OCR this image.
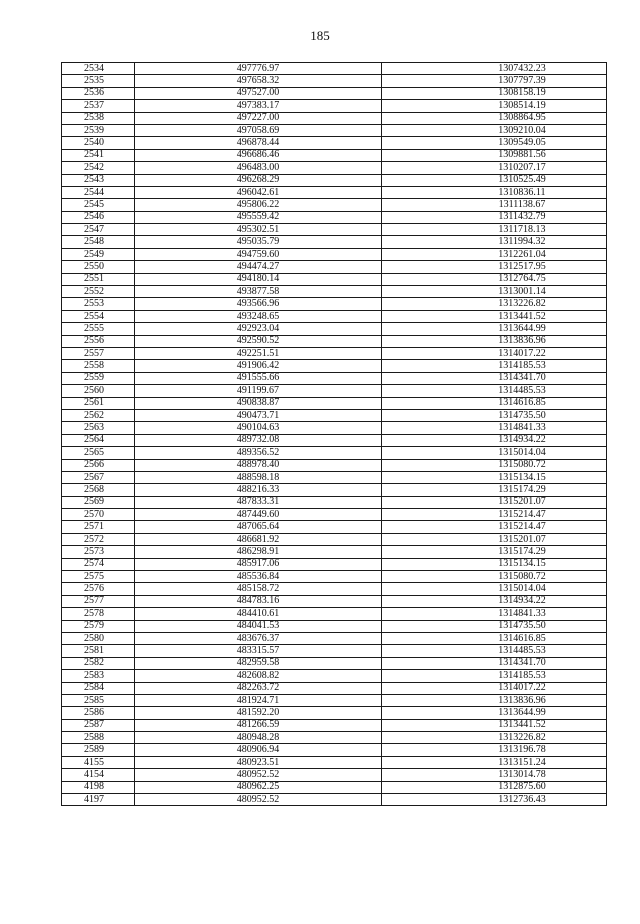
185
2534	497776.97	1307432.23
2535	497658.32	1307797.39
2536	497527.00	1308158.19
2537	497383.17	1308514.19
2538	497227.00	1308864.95
2539	497058.69	1309210.04
2540	496878.44	1309549.05
2541	496686.46	1309881.56
2542	496483.00	1310207.17
2543	496268.29	1310525.49
2544	496042.61	1310836.11
2545	495806.22	1311138.67
2546	495559.42	1311432.79
2547	495302.51	1311718.13
2548	495035.79	1311994.32
2549	494759.60	1312261.04
2550	494474.27	1312517.95
2551	494180.14	1312764.75
2552	493877.58	1313001.14
2553	493566.96	1313226.82
2554	493248.65	1313441.52
2555	492923.04	1313644.99
2556	492590.52	1313836.96
2557	492251.51	1314017.22
2558	491906.42	1314185.53
2559	491555.66	1314341.70
2560	491199.67	1314485.53
2561	490838.87	1314616.85
2562	490473.71	1314735.50
2563	490104.63	1314841.33
2564	489732.08	1314934.22
2565	489356.52	1315014.04
2566	488978.40	1315080.72
2567	488598.18	1315134.15
2568	488216.33	1315174.29
2569	487833.31	1315201.07
2570	487449.60	1315214.47
2571	487065.64	1315214.47
2572	486681.92	1315201.07
2573	486298.91	1315174.29
2574	485917.06	1315134.15
2575	485536.84	1315080.72
2576	485158.72	1315014.04
2577	484783.16	1314934.22
2578	484410.61	1314841.33
2579	484041.53	1314735.50
2580	483676.37	1314616.85
2581	483315.57	1314485.53
2582	482959.58	1314341.70
2583	482608.82	1314185.53
2584	482263.72	1314017.22
2585	481924.71	1313836.96
2586	481592.20	1313644.99
2587	481266.59	1313441.52
2588	480948.28	1313226.82
2589	480906.94	1313196.78
4155	480923.51	1313151.24
4154	480952.52	1313014.78
4198	480962.25	1312875.60
4197	480952.52	1312736.43
